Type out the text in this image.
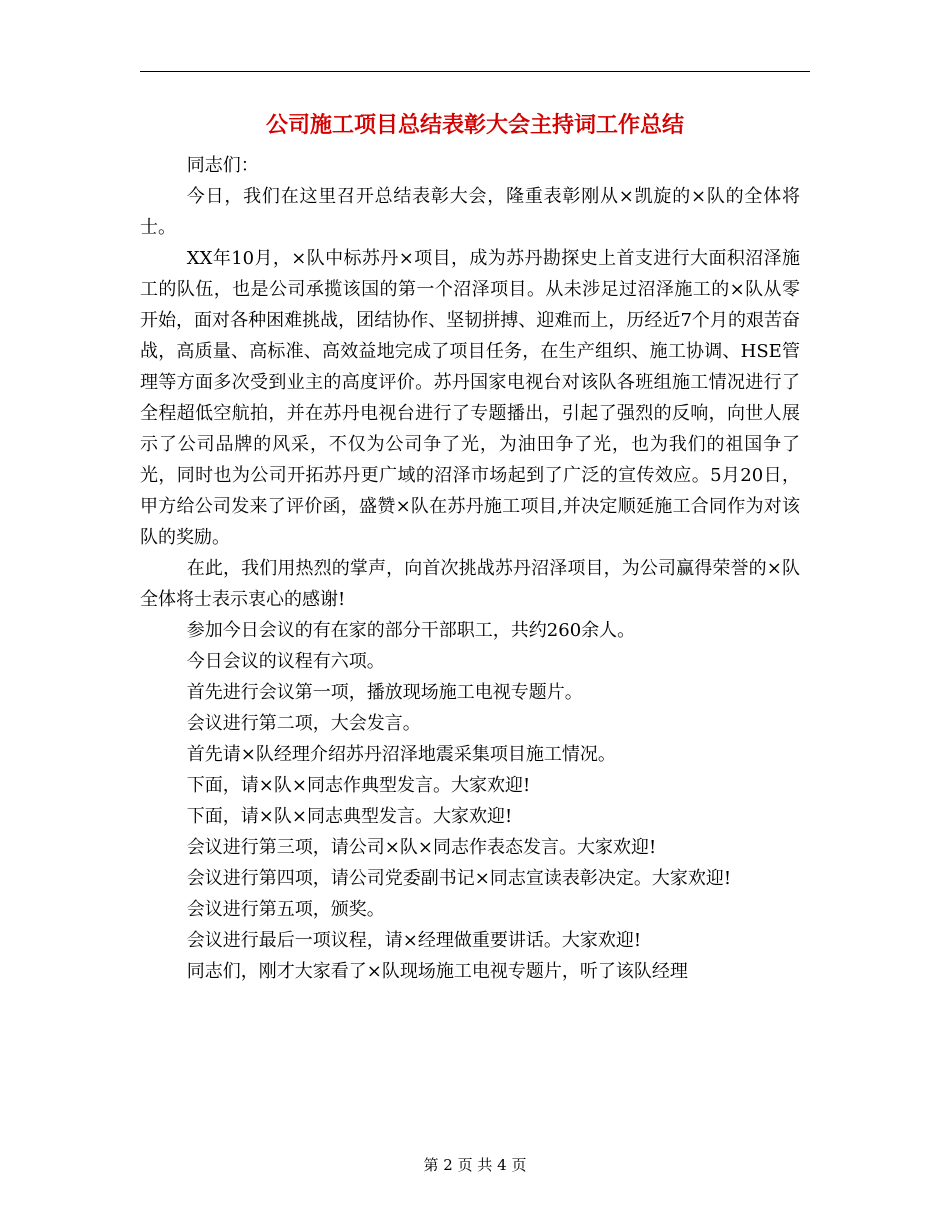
公司施工项目总结表彰大会主持词工作总结

同志们：

今日，我们在这里召开总结表彰大会，隆重表彰刚从×凯旋的×队的全体将士。

XX年10月，×队中标苏丹×项目，成为苏丹勘探史上首支进行大面积沼泽施工的队伍，也是公司承揽该国的第一个沼泽项目。从未涉足过沼泽施工的×队从零开始，面对各种困难挑战，团结协作、坚韧拼搏、迎难而上，历经近7个月的艰苦奋战，高质量、高标准、高效益地完成了项目任务，在生产组织、施工协调、HSE管理等方面多次受到业主的高度评价。苏丹国家电视台对该队各班组施工情况进行了全程超低空航拍，并在苏丹电视台进行了专题播出，引起了强烈的反响，向世人展示了公司品牌的风采，不仅为公司争了光，为油田争了光，也为我们的祖国争了光，同时也为公司开拓苏丹更广域的沼泽市场起到了广泛的宣传效应。5月20日，甲方给公司发来了评价函，盛赞×队在苏丹施工项目,并决定顺延施工合同作为对该队的奖励。

在此，我们用热烈的掌声，向首次挑战苏丹沼泽项目，为公司赢得荣誉的×队全体将士表示衷心的感谢!

参加今日会议的有在家的部分干部职工，共约260余人。

今日会议的议程有六项。

首先进行会议第一项，播放现场施工电视专题片。

会议进行第二项，大会发言。

首先请×队经理介绍苏丹沼泽地震采集项目施工情况。

下面，请×队×同志作典型发言。大家欢迎!

下面，请×队×同志典型发言。大家欢迎!

会议进行第三项，请公司×队×同志作表态发言。大家欢迎!

会议进行第四项，请公司党委副书记×同志宣读表彰决定。大家欢迎!

会议进行第五项，颁奖。

会议进行最后一项议程，请×经理做重要讲话。大家欢迎!

同志们，刚才大家看了×队现场施工电视专题片，听了该队经理

第 2 页 共 4 页
